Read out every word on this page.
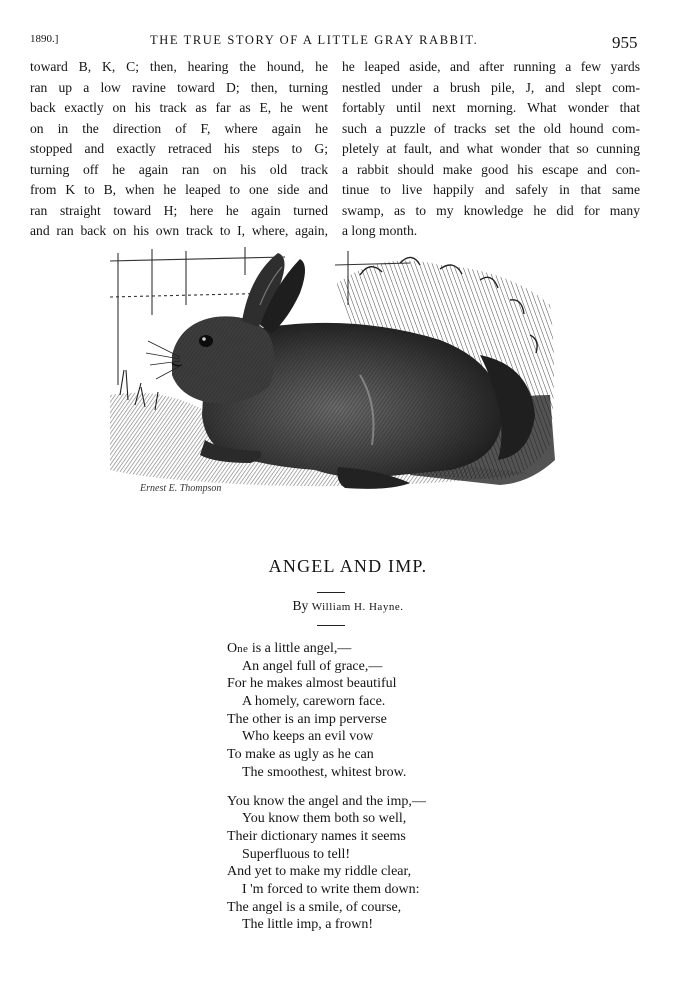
1890.]	THE TRUE STORY OF A LITTLE GRAY RABBIT.	955
toward B, K, C; then, hearing the hound, he
ran up a low ravine toward D; then, turning
back exactly on his track as far as E, he went
on in the direction of F, where again he
stopped and exactly retraced his steps to G;
turning off he again ran on his old track
from K to B, when he leaped to one side and
ran straight toward H; here he again turned
and ran back on his own track to I, where, again,
he leaped aside, and after running a few yards
nestled under a brush pile, J, and slept com-
fortably until next morning. What wonder that
such a puzzle of tracks set the old hound com-
pletely at fault, and what wonder that so cunning
a rabbit should make good his escape and con-
tinue to live happily and safely in that same
swamp, as to my knowledge he did for many
a long month.
Ernest E. Thompson
ANGEL AND IMP.
By William H. Hayne.
One is a little angel,—
An angel full of grace,—
For he makes almost beautiful
A homely, careworn face.
The other is an imp perverse
Who keeps an evil vow
To make as ugly as he can
The smoothest, whitest brow.
You know the angel and the imp,—
You know them both so well,
Their dictionary names it seems
Superfluous to tell!
And yet to make my riddle clear,
I 'm forced to write them down:
The angel is a smile, of course,
The little imp, a frown!
